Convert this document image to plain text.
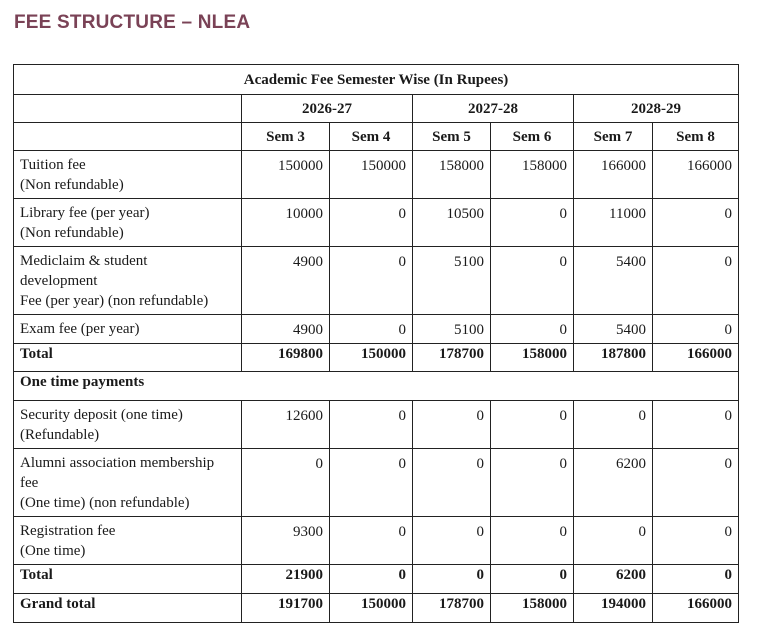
FEE STRUCTURE – NLEA
Academic Fee Semester Wise (In Rupees)						
	2026-27		2027-28		2028-29	
	Sem 3	Sem 4	Sem 5	Sem 6	Sem 7	Sem 8

Tuition fee
(Non refundable)	150000	150000	158000	158000	166000	166000

Library fee (per year)
(Non refundable)	10000	0	10500	0	11000	0

Mediclaim & student
development
Fee (per year) (non refundable)	4900	0	5100	0	5400	0

Exam fee (per year)	4900	0	5100	0	5400	0
Total	169800	150000	178700	158000	187800	166000
One time payments						

Security deposit (one time)
(Refundable)	12600	0	0	0	0	0

Alumni association membership
fee
(One time) (non refundable)	0	0	0	0	6200	0

Registration fee
(One time)	9300	0	0	0	0	0
Total	21900	0	0	0	6200	0
Grand total	191700	150000	178700	158000	194000	166000
